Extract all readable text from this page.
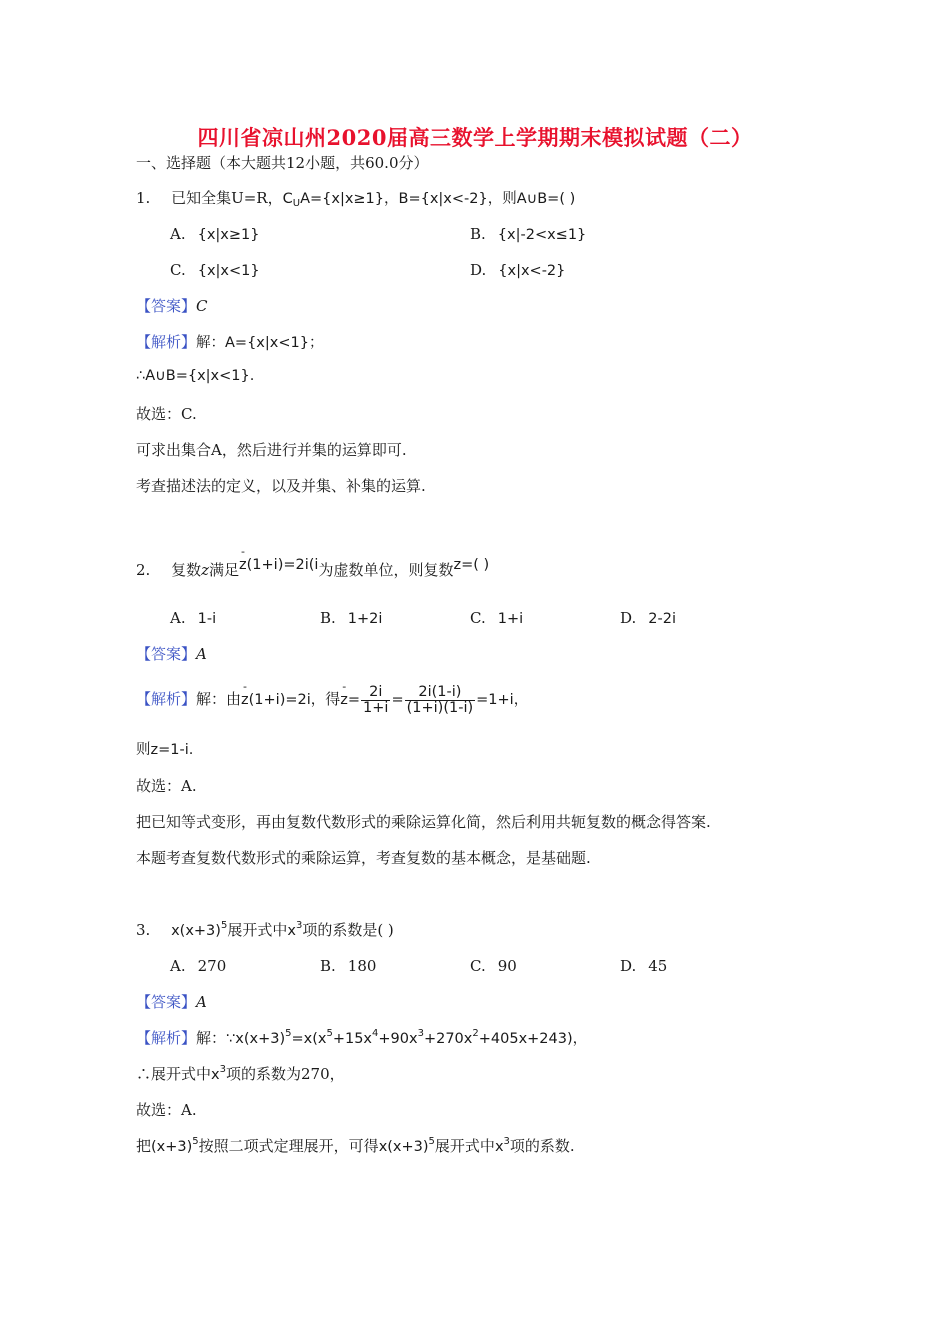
四川省凉山州2020届高三数学上学期期末模拟试题（二）
一、选择题（本大题共12小题，共60.0分）
1. 已知全集U=R，$C_UA=\{x|x\ge 1\}$，B={x|x<-2}，则A∪B=( )
A. {x|x≥1}	B. {x|-2<x≤1}
C. {x|x<1}	D. {x|x<-2}
【答案】C
【解析】解：A={x|x<1}；
∴A∪B={x|x<1}.
故选：C.
可求出集合A，然后进行并集的运算即可.
考查描述法的定义，以及并集、补集的运算.
2. 复数z满足- z(1+i)=2i(i为虚数单位，则复数z=( )
A. 1-i	B. 1+2i	C. 1+i	D. 2-2i
【答案】A
【解析】解：由- z(1+i)=2i，得- $z= \frac{2i}{1+i} = \frac{2i(1-i)}{(1+i)(1-i)} =1+i$，
则z=1-i.
故选：A.
把已知等式变形，再由复数代数形式的乘除运算化简，然后利用共轭复数的概念得答案.
本题考查复数代数形式的乘除运算，考查复数的基本概念，是基础题.
3. $x(x+3)^5$展开式中$x^3$项的系数是( )
A. 270	B. 180	C. 90	D. 45
【答案】A
【解析】解：$\because x(x+3)^5=x(x^5+15x^4+90x^3+270x^2+405x+243)$，
∴展开式中$x^3$项的系数为270，
故选：A.
把$(x+3)^5$按照二项式定理展开，可得$x(x+3)^5$展开式中$x^3$项的系数.
